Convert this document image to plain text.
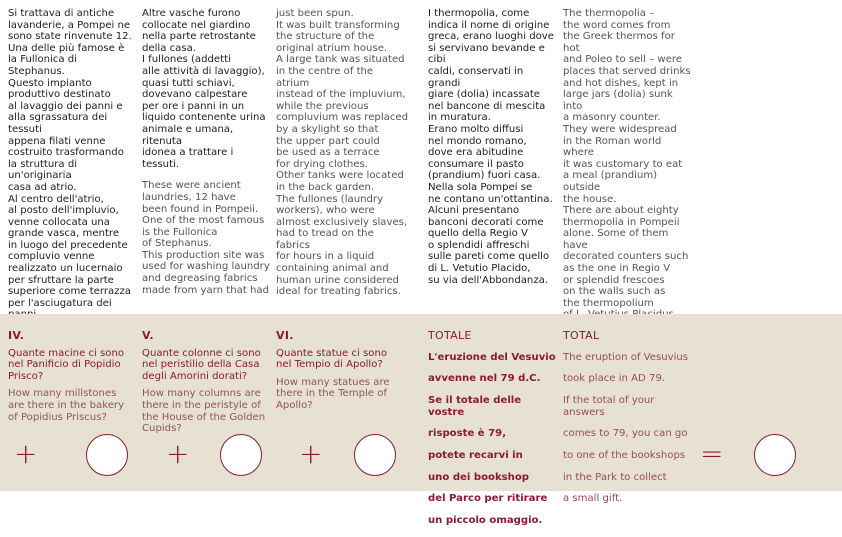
Si trattava di antiche

lavanderie, a Pompei ne

sono state rinvenute 12.

Una delle più famose è

la Fullonica di Stephanus.

Questo impianto

produttivo destinato

al lavaggio dei panni e

alla sgrassatura dei tessuti

appena filati venne

costruito trasformando

la struttura di un'originaria

casa ad atrio.

Al centro dell'atrio,

al posto dell'impluvio,

venne collocata una

grande vasca, mentre

in luogo del precedente

compluvio venne

realizzato un lucernaio

per sfruttare la parte

superiore come terrazza

per l'asciugatura dei

Altre vasche furono

collocate nel giardino

nella parte retrostante

della casa.

I fullones (addetti

alle attività di lavaggio),

quasi tutti schiavi,

dovevano calpestare

per ore i panni in un

liquido contenente urina

animale e umana, ritenuta

idonea a trattare i tessuti.

These were ancient

laundries, 12 have

been found in Pompeii.

One of the most famous

is the Fullonica

of Stephanus.

This production site was

used for washing laundry

and degreasing fabrics

made from yarn that had

just been spun.

It was built transforming

the structure of the

original atrium house.

A large tank was situated

in the centre of the atrium

instead of the impluvium,

while the previous

compluvium was replaced

by a skylight so that

the upper part could

be used as a terrace

for drying clothes.

Other tanks were located

in the back garden.

The fullones (laundry

workers), who were

almost exclusively slaves,

had to tread on the fabrics

for hours in a liquid

containing animal and

human urine considered

ideal for treating fabrics.

I thermopolia, come

indica il nome di origine

greca, erano luoghi dove

si servivano bevande e cibi

caldi, conservati in grandi

giare (dolia) incassate

nel bancone di mescita

in muratura.

Erano molto diffusi

nel mondo romano,

dove era abitudine

consumare il pasto

(prandium) fuori casa.

Nella sola Pompei se

ne contano un'ottantina.

Alcuni presentano

banconi decorati come

quello della Regio V

o splendidi affreschi

sulle pareti come quello

di L. Vetutio Placido,

su via dell'Abbondanza.

The thermopolia –

the word comes from

the Greek thermos for hot

and Poleo to sell – were

places that served drinks

and hot dishes, kept in

large jars (dolia) sunk into

a masonry counter.

They were widespread

in the Roman world where

it was customary to eat

a meal (prandium) outside

the house.

There are about eighty

thermopolia in Pompeii

alone. Some of them have

decorated counters such

as the one in Regio V

or splendid frescoes

on the walls such as

the thermopolium

IV.

Quante macine ci sono nel Panificio di Popidio Prisco?

How many millstones are there in the bakery of Popidius Priscus?

V.

Quante colonne ci sono nel peristilio della Casa degli Amorini dorati?

How many columns are there in the peristyle of the House of the Golden Cupids?

VI.

Quante statue ci sono nel Tempio di Apollo?

How many statues are there in the Temple of Apollo?

TOTALE

L'eruzione del Vesuvio

avvenne nel 79 d.C.

Se il totale delle vostre

risposte è 79,

potete recarvi in

uno dei bookshop

del Parco per ritirare

un piccolo omaggio.

TOTAL

The eruption of Vesuvius

took place in AD 79.

If the total of your answers

comes to 79, you can go

to one of the bookshops

in the Park to collect

a small gift.

+	+	+	=
